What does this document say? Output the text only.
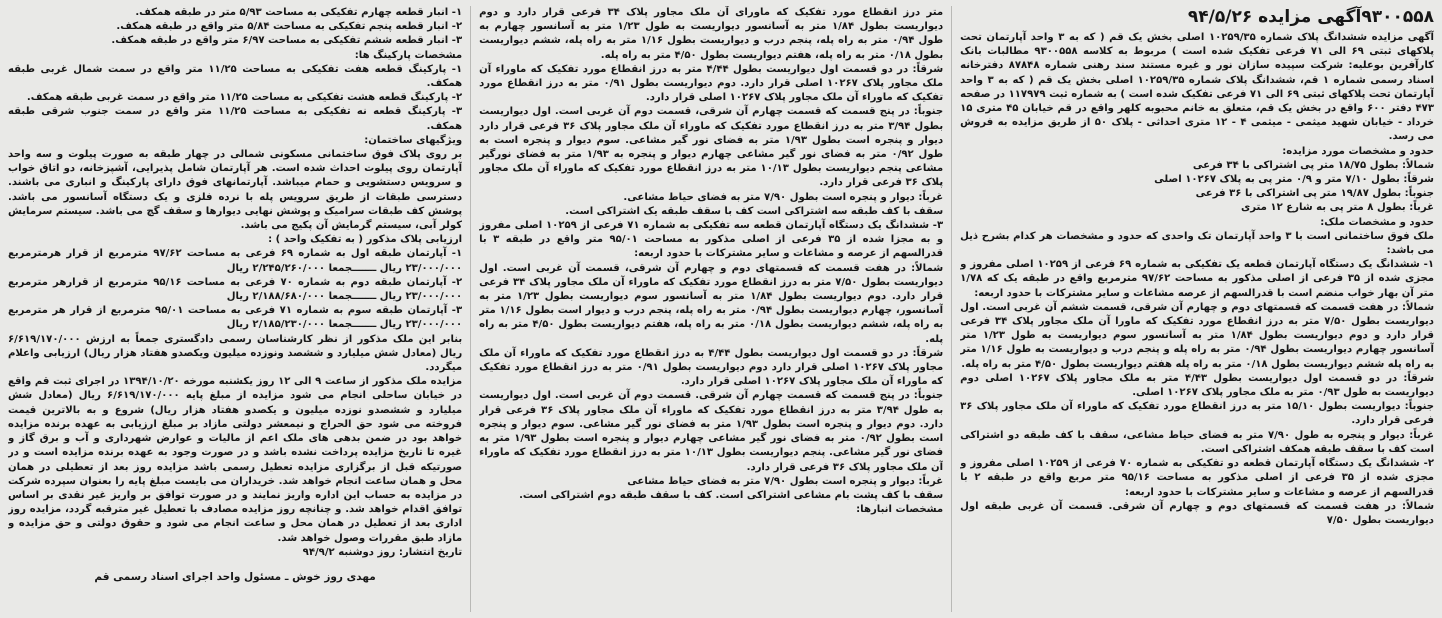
۹۳۰۰۵۵۸آگهی مزایده ۹۴/۵/۲۶

آگهی مزایده ششدانگ پلاک شماره ۱۰۲۵۹/۳۵ اصلی بخش یک قم ( که به ۳ واحد آپارتمان تحت پلاکهای ثبتی ۶۹ الی ۷۱ فرعی تفکیک شده است ) مربوط به کلاسه ۹۳۰۰۵۵۸ مطالبات بانک کارآفرین بوعلیه: شرکت سپیده سازان نور و غیره مستند سند رهنی شماره ۸۷۸۴۸ دفترخانه اسناد رسمی شماره ۱ قم، ششدانگ پلاک شماره ۱۰۲۵۹/۳۵ اصلی بخش یک قم ( که به ۳ واحد آپارتمان تحت پلاکهای ثبتی ۶۹ الی ۷۱ فرعی تفکیک شده است ) به شماره ثبت ۱۱۷۹۷۹ در صفحه ۴۷۳ دفتر ۶۰۰ واقع در بخش یک قم، متعلق به خانم محبوبه کلهر واقع در قم خیابان ۴۵ متری ۱۵ خرداد - خیابان شهید میثمی - میثمی ۴ - ۱۲ متری احداثی - پلاک ۵۰ از طریق مزایده به فروش می رسد.

حدود و مشخصات مورد مزایده:

شمالاً: بطول ۱۸/۷۵ متر پی اشتراکی با ۳۴ فرعی

شرقاً: بطول ۷/۱۰ متر و ۰/۹ متر پی به پلاک ۱۰۲۶۷ اصلی

جنوباً: بطول ۱۹/۸۷ متر پی اشتراکی با ۳۶ فرعی

غرباً: بطول ۸ متر پی به شارع ۱۲ متری

حدود و مشخصات ملک:

ملک فوق ساختمانی است با ۳ واحد آپارتمان تک واحدی که حدود و مشخصات هر کدام بشرح ذیل می باشد:

۱- ششدانگ یک دستگاه آپارتمان قطعه یک تفکیکی به شماره ۶۹ فرعی از ۱۰۲۵۹ اصلی مفروز و مجزی شده از ۳۵ فرعی از اصلی مذکور به مساحت ۹۷/۶۲ مترمربع واقع در طبقه یک که ۱/۷۸ متر آن بهار خواب منضم است با قدرالسهم از عرصه مشاعات و سایر مشترکات با حدود اربعه:

شمالاً: در هفت قسمت که قسمتهای دوم و چهارم آن شرقی، قسمت ششم آن غربی است. اول دیواریست بطول ۷/۵۰ متر به درز انقطاع مورد تفکیک که ماورا آن ملک مجاور پلاک ۳۴ فرعی قرار دارد و دوم دیواریست بطول ۱/۸۴ متر به آسانسور سوم دیواریست به طول ۱/۲۳ متر آسانسور چهارم دیواریست بطول ۰/۹۴ متر به راه پله و پنجم درب و دیواریست به طول ۱/۱۶ متر به راه پله ششم دیواریست بطول ۰/۱۸ متر به راه پله هفتم دیواریست بطول ۴/۵۰ متر به راه پله.

شرقاً: در دو قسمت اول دیواریست بطول ۴/۴۳ متر به ملک مجاور پلاک ۱۰۲۶۷ اصلی دوم دیواریست به طول ۰/۹۳ متر به ملک مجاور پلاک ۱۰۲۶۷ اصلی.

جنوباً: دیواریست بطول ۱۵/۱۰ متر به درز انقطاع مورد تفکیک که ماوراء آن ملک مجاور پلاک ۳۶ فرعی قرار دارد.

غرباً: دیوار و پنجره به طول ۷/۹۰ متر به فضای حیاط مشاعی، سقف با کف طبقه دو اشتراکی است کف با سقف طبقه همکف اشتراکی است.

۲- ششدانگ یک دستگاه آپارتمان قطعه دو تفکیکی به شماره ۷۰ فرعی از ۱۰۲۵۹ اصلی مفروز و مجزی شده از ۳۵ فرعی از اصلی مذکور به مساحت ۹۵/۱۶ متر مربع واقع در طبقه ۲ با قدرالسهم از عرصه و مشاعات و سایر مشترکات با حدود اربعه:

شمالاً: در هفت قسمت که قسمتهای دوم و چهارم آن شرقی. قسمت آن غربی طبقه اول دیواریست بطول ۷/۵۰

متر درز انقطاع مورد تفکیک که ماورای آن ملک مجاور پلاک ۳۴ فرعی قرار دارد و دوم دیواریست بطول ۱/۸۴ متر به آسانسور دیواریست به طول ۱/۲۳ متر به آسانسور چهارم به طول ۰/۹۴ متر به راه پله، پنجم درب و دیواریست بطول ۱/۱۶ متر به راه پله، ششم دیواریست بطول ۰/۱۸ متر به راه پله، هفتم دیواریست بطول ۴/۵۰ متر به راه پله.

شرقاً: در دو قسمت اول دیواریست بطول ۴/۴۴ متر به درز انقطاع مورد تفکیک که ماوراء آن ملک مجاور پلاک ۱۰۲۶۷ اصلی قرار دارد. دوم دیواریست بطول ۰/۹۱ متر به درز انقطاع مورد تفکیک که ماوراء آن ملک مجاور پلاک ۱۰۲۶۷ اصلی قرار دارد.

جنوباً: در پنج قسمت که قسمت چهارم آن شرقی، قسمت دوم آن غربی است. اول دیواریست بطول ۳/۹۴ متر به درز انقطاع مورد تفکیک که ماوراء آن ملک مجاور پلاک ۳۶ فرعی قرار دارد دیوار و پنجره است بطول ۱/۹۳ متر به فضای نور گیر مشاعی. سوم دیوار و پنجره است به طول ۰/۹۲ متر به فضای نور گیر مشاعی چهارم دیوار و پنجره به ۱/۹۳ متر به فضای نورگیر مشاعی پنجم دیواریست بطول ۱۰/۱۳ متر به درز انقطاع مورد تفکیک که ماوراء آن ملک مجاور پلاک ۳۶ فرعی قرار دارد.

غرباً: دیوار و پنجره است بطول ۷/۹۰ متر به فضای حیاط مشاعی.

سقف با کف طبقه سه اشتراکی است کف با سقف طبقه یک اشتراکی است.

۳- ششدانگ یک دستگاه آپارتمان قطعه سه تفکیکی به شماره ۷۱ فرعی از ۱۰۲۵۹ اصلی مفروز و به مجزا شده از ۳۵ فرعی از اصلی مذکور به مساحت ۹۵/۰۱ متر واقع در طبقه ۳ با قدرالسهم از عرصه و مشاعات و سایر مشترکات با حدود اربعه:

شمالاً: در هفت قسمت که قسمتهای دوم و چهارم آن شرقی، قسمت آن غربی است. اول دیواریست بطول ۷/۵۰ متر به درز انقطاع مورد تفکیک که ماوراء آن ملک مجاور پلاک ۳۴ فرعی قرار دارد. دوم دیواریست بطول ۱/۸۴ متر به آسانسور سوم دیواریست بطول ۱/۲۳ متر به آسانسور، چهارم دیواریست بطول ۰/۹۴ متر به راه پله، پنجم درب و دیوار است بطول ۱/۱۶ متر به راه پله، ششم دیواریست بطول ۰/۱۸ متر به راه پله، هفتم دیواریست بطول ۴/۵۰ متر به راه پله.

شرقاً: در دو قسمت اول دیواریست بطول ۴/۴۴ به درز انقطاع مورد تفکیک که ماوراء آن ملک مجاور پلاک ۱۰۲۶۷ اصلی قرار دارد دوم دیواریست بطول ۰/۹۱ متر به درز انقطاع مورد تفکیک که ماوراء آن ملک مجاور پلاک ۱۰۲۶۷ اصلی قرار دارد.

جنوباً: در پنج قسمت که قسمت چهارم آن شرقی. قسمت دوم آن غربی است. اول دیواریست به طول ۳/۹۴ متر به درز انقطاع مورد تفکیک که ماوراء آن ملک مجاور پلاک ۳۶ فرعی قرار دارد. دوم دیوار و پنجره است بطول ۱/۹۳ متر به فضای نور گیر مشاعی. سوم دیوار و پنجره است بطول ۰/۹۲ متر به فضای نور گیر مشاعی چهارم دیوار و پنجره است بطول ۱/۹۳ متر به فضای نور گیر مشاعی. پنجم دیواریست بطول ۱۰/۱۳ متر به درز انقطاع مورد تفکیک که ماوراء آن ملک مجاور پلاک ۳۶ فرعی قرار دارد.

غرباً: دیوار و پنجره است بطول ۷/۹۰ متر به فضای حیاط مشاعی

سقف با کف پشت بام مشاعی اشتراکی است. کف با سقف طبقه دوم اشتراکی است.

مشخصات انبارها:

۱- انبار قطعه چهارم تفکیکی به مساحت ۵/۹۳ متر در طبقه همکف.

۲- انبار قطعه پنجم تفکیکی به مساحت ۵/۸۴ متر واقع در طبقه همکف.

۳- انبار قطعه ششم تفکیکی به مساحت ۶/۹۷ متر واقع در طبقه همکف.

مشخصات پارکینگ ها:

۱- پارکینگ قطعه هفت تفکیکی به مساحت ۱۱/۲۵ متر واقع در سمت شمال غربی طبقه همکف.

۲- پارکینگ قطعه هشت تفکیکی به مساحت ۱۱/۲۵ متر واقع در سمت غربی طبقه همکف.

۳- پارکینگ قطعه نه تفکیکی به مساحت ۱۱/۲۵ متر واقع در سمت جنوب شرقی طبقه همکف.

ویژگیهای ساختمان:

بر روی پلاک فوق ساختمانی مسکونی شمالی در چهار طبقه به صورت پیلوت و سه واحد آپارتمان روی پیلوت احداث شده است. هر آپارتمان شامل پذیرایی، آشپزخانه، دو اتاق خواب و سرویس دستشویی و حمام میباشد. آپارتمانهای فوق دارای پارکینگ و انباری می باشند. دسترسی طبقات از طریق سرویس پله با نرده فلزی و یک دستگاه آسانسور می باشد. پوشش کف طبقات سرامیک و پوشش نهایی دیوارها و سقف گچ می باشد. سیستم سرمایش کولر آبی، سیستم گرمایش آن پکیج می باشد.

ارزیابی پلاک مذکور ( به تفکیک واحد ) :

۱- آپارتمان طبقه اول به شماره ۶۹ فرعی به مساحت ۹۷/۶۲ مترمربع از قرار هرمترمربع ۲۳/۰۰۰/۰۰۰ ریال ـــــــجمعا ۲/۲۴۵/۲۶۰/۰۰۰ ریال

۲- آپارتمان طبقه دوم به شماره ۷۰ فرعی به مساحت ۹۵/۱۶ مترمربع از قرارهر مترمربع ۲۳/۰۰۰/۰۰۰ ریال ـــــــجمعا ۲/۱۸۸/۶۸۰/۰۰۰ ریال

۳- آپارتمان طبقه سوم به شماره ۷۱ فرعی به مساحت ۹۵/۰۱ مترمربع از قرار هر مترمربع ۲۳/۰۰۰/۰۰۰ ریال ـــــــجمعا ۲/۱۸۵/۲۳۰/۰۰۰ ریال

بنابر این ملک مذکور از نظر کارشناسان رسمی دادگستری جمعاً به ارزش ۶/۶۱۹/۱۷۰/۰۰۰ ریال (معادل شش میلیارد و ششصد ونوزده میلیون ویکصدو هفتاد هزار ریال) ارزیابی واعلام میگردد.

مزایده ملک مذکور از ساعت ۹ الی ۱۲ روز یکشنبه مورخه ۱۳۹۴/۱۰/۲۰ در اجرای ثبت قم واقع در خیابان ساحلی انجام می شود مزایده از مبلغ پایه ۶/۶۱۹/۱۷۰/۰۰۰ ریال (معادل شش میلیارد و ششصدو نوزده میلیون و یکصدو هفتاد هزار ریال) شروع و به بالاترین قیمت فروخته می شود حق الحراج و نیمعشر دولتی مازاد بر مبلغ ارزیابی به عهده برنده مزایده خواهد بود در ضمن بدهی های ملک اعم از مالیات و عوارض شهرداری و آب و برق گاز و غیره تا تاریخ مزایده پرداخت نشده باشد و در صورت وجود به عهده برنده مزایده است و در صورتیکه قبل از برگزاری مزایده تعطیل رسمی باشد مزایده روز بعد از تعطیلی در همان محل و همان ساعت انجام خواهد شد. خریداران می بایست مبلغ پایه را بعنوان سپرده شرکت در مزایده به حساب این اداره واریز نمایند و در صورت توافق بر واریز غیر نقدی بر اساس توافق اقدام خواهد شد. و چنانچه روز مزایده مصادف با تعطیل غیر مترقبه گردد، مزایده روز اداری بعد از تعطیل در همان محل و ساعت انجام می شود و حقوق دولتی و حق مزایده و مازاد طبق مقررات وصول خواهد شد.

تاریخ انتشار: روز دوشنبه ۹۴/۹/۲

مهدی روز خوش ـ مسئول واحد اجرای اسناد رسمی قم
